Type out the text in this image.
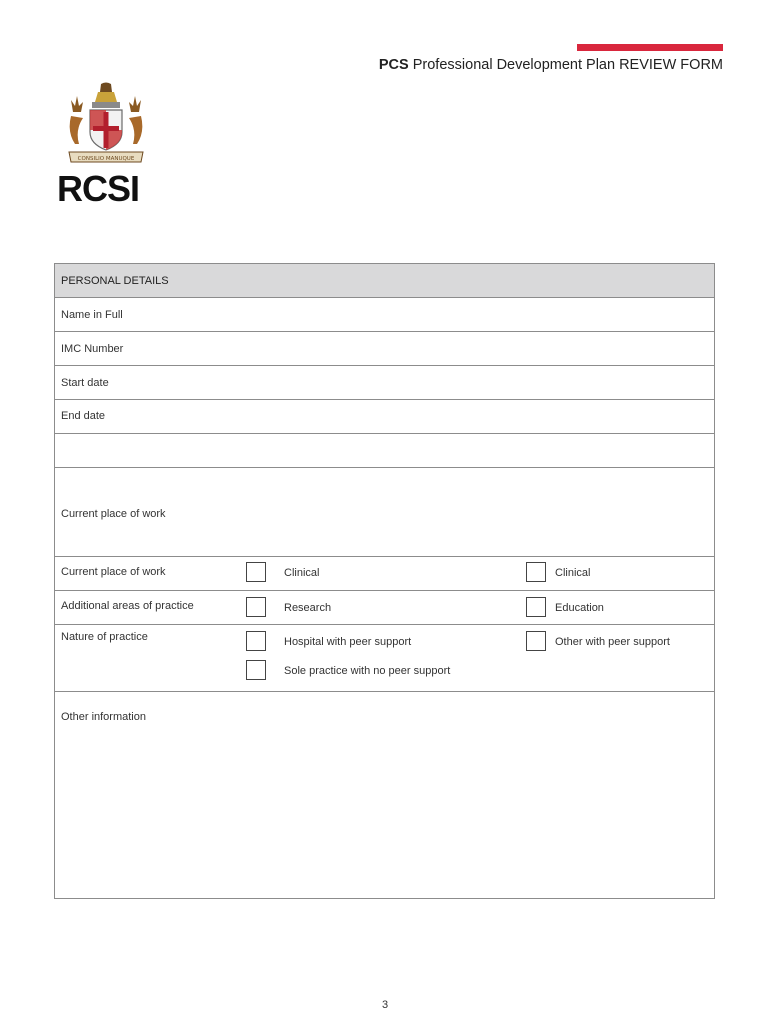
PCS Professional Development Plan REVIEW FORM
CONSILIO MANUQUE
RCSI
PERSONAL DETAILS
Name in Full
IMC Number
Start date
End date
Current place of work
Current place of work	Clinical	Clinical
Additional areas of practice	Research	Education
Nature of practice	Hospital with peer support	Other with peer support
Sole practice with no peer support
Other information
3
